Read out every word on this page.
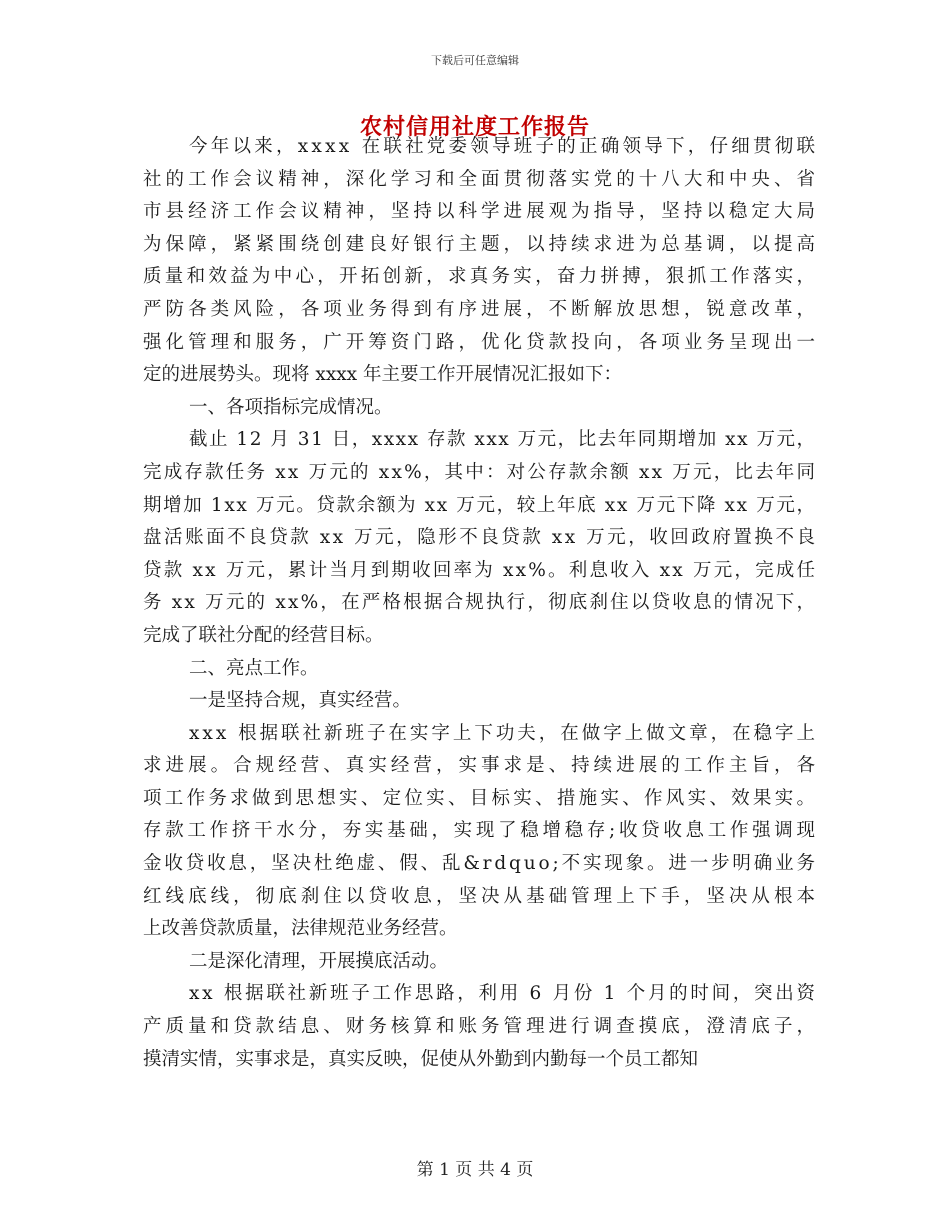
下载后可任意编辑
农村信用社度工作报告
今年以来，xxxx 在联社党委领导班子的正确领导下，仔细贯彻联
社的工作会议精神，深化学习和全面贯彻落实党的十八大和中央、省
市县经济工作会议精神，坚持以科学进展观为指导，坚持以稳定大局
为保障，紧紧围绕创建良好银行主题，以持续求进为总基调，以提高
质量和效益为中心，开拓创新，求真务实，奋力拼搏，狠抓工作落实，
严防各类风险，各项业务得到有序进展，不断解放思想，锐意改革，
强化管理和服务，广开筹资门路，优化贷款投向，各项业务呈现出一
定的进展势头。现将 xxxx 年主要工作开展情况汇报如下：
一、各项指标完成情况。
截止 12 月 31 日，xxxx 存款 xxx 万元，比去年同期增加 xx 万元，
完成存款任务 xx 万元的 xx%，其中：对公存款余额 xx 万元，比去年同
期增加 1xx 万元。贷款余额为 xx 万元，较上年底 xx 万元下降 xx 万元，
盘活账面不良贷款 xx 万元，隐形不良贷款 xx 万元，收回政府置换不良
贷款 xx 万元，累计当月到期收回率为 xx%。利息收入 xx 万元，完成任
务 xx 万元的 xx%，在严格根据合规执行，彻底刹住以贷收息的情况下，
完成了联社分配的经营目标。
二、亮点工作。
一是坚持合规，真实经营。
xxx 根据联社新班子在实字上下功夫，在做字上做文章，在稳字上
求进展。合规经营、真实经营，实事求是、持续进展的工作主旨，各
项工作务求做到思想实、定位实、目标实、措施实、作风实、效果实。
存款工作挤干水分，夯实基础，实现了稳增稳存;收贷收息工作强调现
金收贷收息，坚决杜绝虚、假、乱&rdquo;不实现象。进一步明确业务
红线底线，彻底刹住以贷收息，坚决从基础管理上下手，坚决从根本
上改善贷款质量，法律规范业务经营。
二是深化清理，开展摸底活动。
xx 根据联社新班子工作思路，利用 6 月份 1 个月的时间，突出资
产质量和贷款结息、财务核算和账务管理进行调查摸底，澄清底子，
摸清实情，实事求是，真实反映，促使从外勤到内勤每一个员工都知
第 1 页 共 4 页
